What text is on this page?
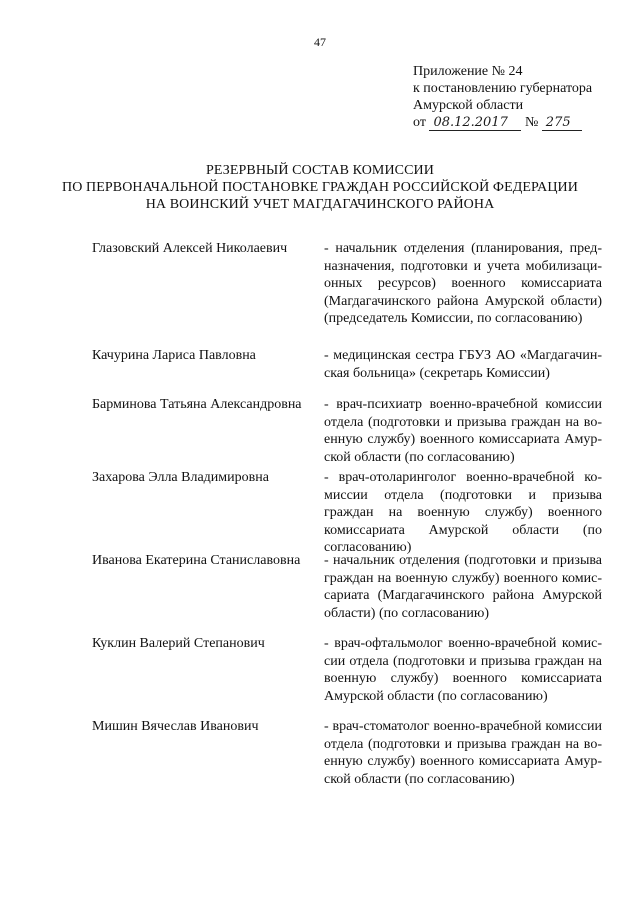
47
Приложение № 24
к постановлению губернатора
Амурской области
от 08.12.2017 № 275
РЕЗЕРВНЫЙ СОСТАВ КОМИССИИ
ПО ПЕРВОНАЧАЛЬНОЙ ПОСТАНОВКЕ ГРАЖДАН РОССИЙСКОЙ ФЕДЕРАЦИИ
НА ВОИНСКИЙ УЧЕТ МАГДАГАЧИНСКОГО РАЙОНА
Глазовский Алексей Николаевич	- начальник отделения (планирования, предназначения, подготовки и учета мобилизационных ресурсов) военного комиссариата (Магдагачинского района Амурской области) (председатель Комиссии, по согласованию)
Качурина Лариса Павловна	- медицинская сестра ГБУЗ АО «Магдагачинская больница» (секретарь Комиссии)
Барминова Татьяна Александровна	- врач-психиатр военно-врачебной комиссии отдела (подготовки и призыва граждан на военную службу) военного комиссариата Амурской области (по согласованию)
Захарова Элла Владимировна	- врач-отоларинголог военно-врачебной комиссии отдела (подготовки и призыва граждан на военную службу) военного комиссариата Амурской области (по согласованию)
Иванова Екатерина Станиславовна	- начальник отделения (подготовки и призыва граждан на военную службу) военного комиссариата (Магдагачинского района Амурской области) (по согласованию)
Куклин Валерий Степанович	- врач-офтальмолог военно-врачебной комиссии отдела (подготовки и призыва граждан на военную службу) военного комиссариата Амурской области (по согласованию)
Мишин Вячеслав Иванович	- врач-стоматолог военно-врачебной комиссии отдела (подготовки и призыва граждан на военную службу) военного комиссариата Амурской области (по согласованию)
